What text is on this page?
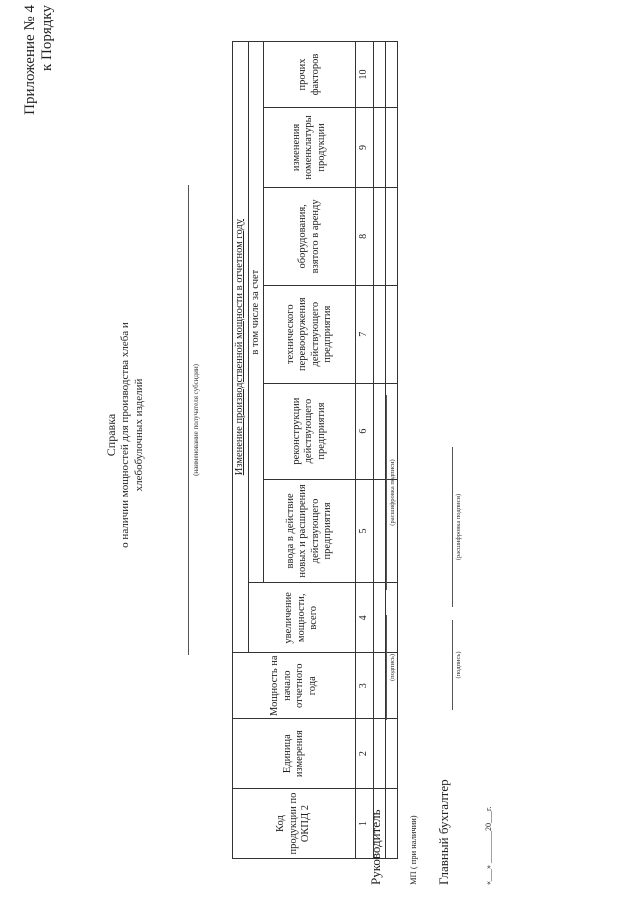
Приложение № 4 к Порядку
Справка о наличии мощностей для производства хлеба и хлебобулочных изделий	(наименование получателя субсидии)
Код продукции по ОКПД 2	Единица измерения	Мощность на начало отчетного года	Изменение производственной мощности в отчетном году						
			увеличение мощности, всего	в том числе за счет					
				ввода в действие новых и расширения действующего предприятия	реконструкции действующего предприятия	технического перевооружения действующего предприятия	оборудования, взятого в аренду	изменения номенклатуры продукции	прочих факторов
1	2	3	4	5	6	7	8	9	10

Руководитель
(подпись)
(расшифровка подписи)
МП ( при наличии) Главный бухгалтер
(подпись)
(расшифровка подписи)
«___» ________20___г.
